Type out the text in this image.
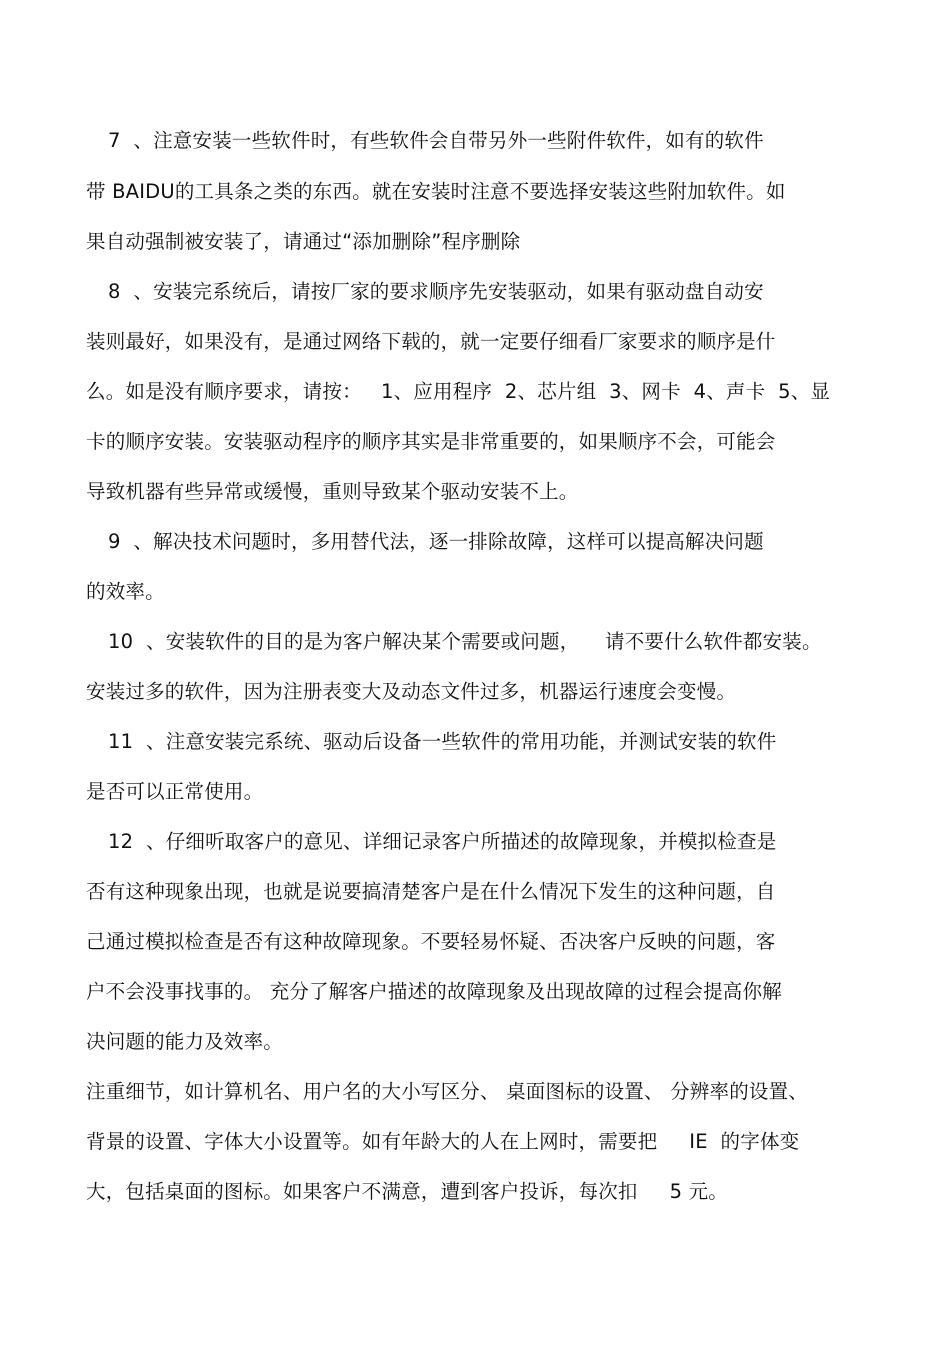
7  、注意安装一些软件时，有些软件会自带另外一些附件软件，如有的软件
带 BAIDU的工具条之类的东西。就在安装时注意不要选择安装这些附加软件。如
果自动强制被安装了，请通过“添加删除”程序删除
8  、安装完系统后，请按厂家的要求顺序先安装驱动，如果有驱动盘自动安
装则最好，如果没有，是通过网络下载的，就一定要仔细看厂家要求的顺序是什
么。如是没有顺序要求，请按：   1、应用程序  2、芯片组  3、网卡  4、声卡  5、显
卡的顺序安装。安装驱动程序的顺序其实是非常重要的，如果顺序不会，可能会
导致机器有些异常或缓慢，重则导致某个驱动安装不上。
9  、解决技术问题时，多用替代法，逐一排除故障，这样可以提高解决问题
的效率。
10  、安装软件的目的是为客户解决某个需要或问题，    请不要什么软件都安装。
安装过多的软件，因为注册表变大及动态文件过多，机器运行速度会变慢。
11  、注意安装完系统、驱动后设备一些软件的常用功能，并测试安装的软件
是否可以正常使用。
12  、仔细听取客户的意见、详细记录客户所描述的故障现象，并模拟检查是
否有这种现象出现，也就是说要搞清楚客户是在什么情况下发生的这种问题，自
己通过模拟检查是否有这种故障现象。不要轻易怀疑、否决客户反映的问题，客
户不会没事找事的。 充分了解客户描述的故障现象及出现故障的过程会提高你解
决问题的能力及效率。
注重细节，如计算机名、用户名的大小写区分、 桌面图标的设置、 分辨率的设置、
背景的设置、字体大小设置等。如有年龄大的人在上网时，需要把     IE  的字体变
大，包括桌面的图标。如果客户不满意，遭到客户投诉，每次扣     5 元。
